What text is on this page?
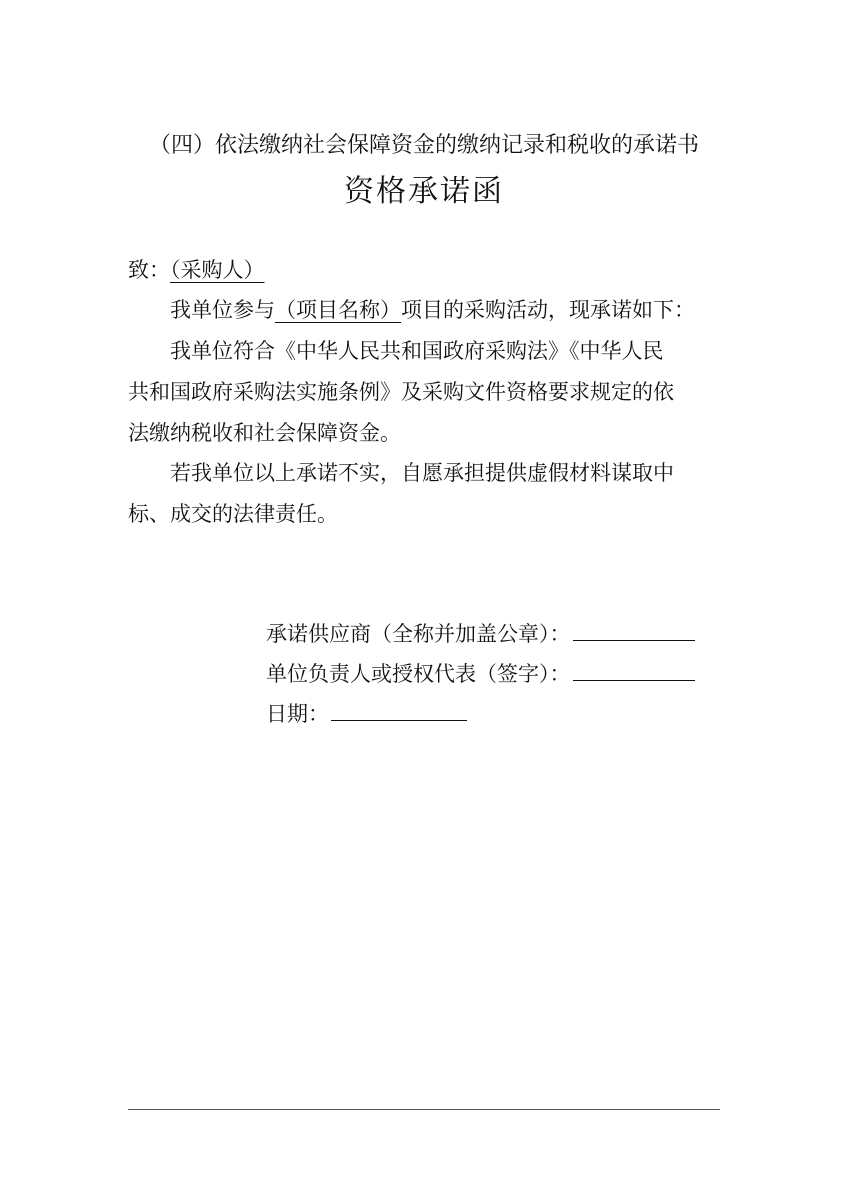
（四）依法缴纳社会保障资金的缴纳记录和税收的承诺书
资格承诺函
致：（采购人）
我单位参与（项目名称）项目的采购活动，现承诺如下：
我单位符合《中华人民共和国政府采购法》《中华人民
共和国政府采购法实施条例》及采购文件资格要求规定的依
法缴纳税收和社会保障资金。
若我单位以上承诺不实，自愿承担提供虚假材料谋取中
标、成交的法律责任。
承诺供应商（全称并加盖公章）：
单位负责人或授权代表（签字）：
日期：
